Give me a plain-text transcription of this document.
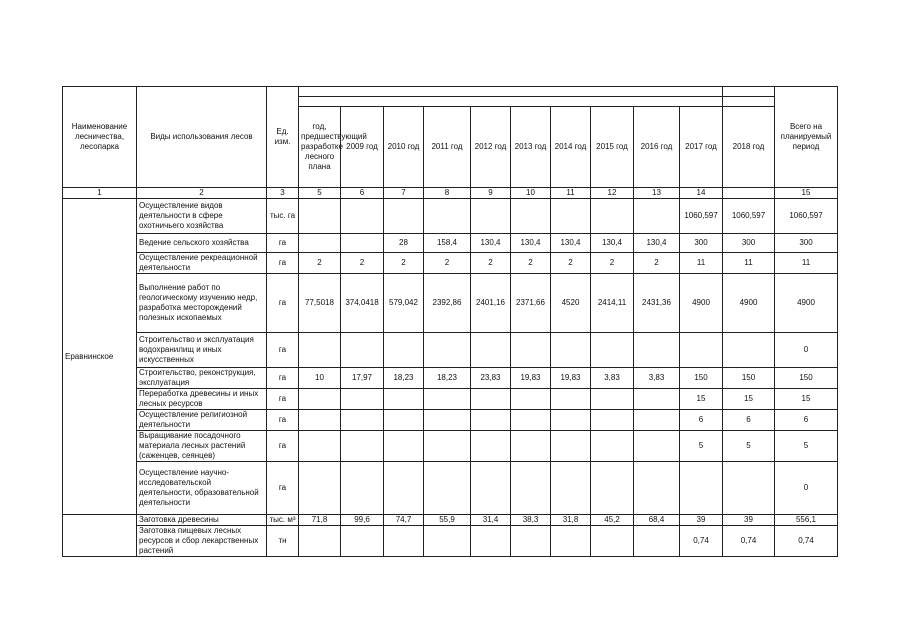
Наименование лесничества, лесопарка	Виды использования лесов	Ед. изм.												Всего на планируемый период

			год, предшествующий разработке лесного плана	2009 год	2010 год	2011 год	2012 год	2013 год	2014 год	2015 год	2016 год	2017 год	2018 год	
1	2	3	5	6	7	8	9	10	11	12	13	14		15
Еравнинское	Осуществление видов деятельности в сфере охотничьего хозяйства	тыс. га										1060,597	1060,597	1060,597
	Ведение сельского хозяйства	га			28	158,4	130,4	130,4	130,4	130,4	130,4	300	300	300
	Осуществление рекреационной деятельности	га	2	2	2	2	2	2	2	2	2	11	11	11
	Выполнение работ по геологическому изучению недр, разработка месторождений полезных ископаемых	га	77,5018	374,0418	579,042	2392,86	2401,16	2371,66	4520	2414,11	2431,36	4900	4900	4900
	Строительство и эксплуатация водохранилищ и иных искусственных	га												0
	Строительство, реконструкция, эксплуатация	га	10	17,97	18,23	18,23	23,83	19,83	19,83	3,83	3,83	150	150	150
	Переработка древесины и иных лесных ресурсов	га										15	15	15
	Осуществление религиозной деятельности	га										6	6	6
	Выращивание посадочного материала лесных растений (саженцев, сеянцев)	га										5	5	5
	Осуществление научно-исследовательской деятельности, образовательной деятельности	га												0
	Заготовка древесины	тыс. м³	71,8	99,6	74,7	55,9	31,4	38,3	31,8	45,2	68,4	39	39	556,1
	Заготовка пищевых лесных ресурсов и сбор лекарственных растений	тн										0,74	0,74	0,74
